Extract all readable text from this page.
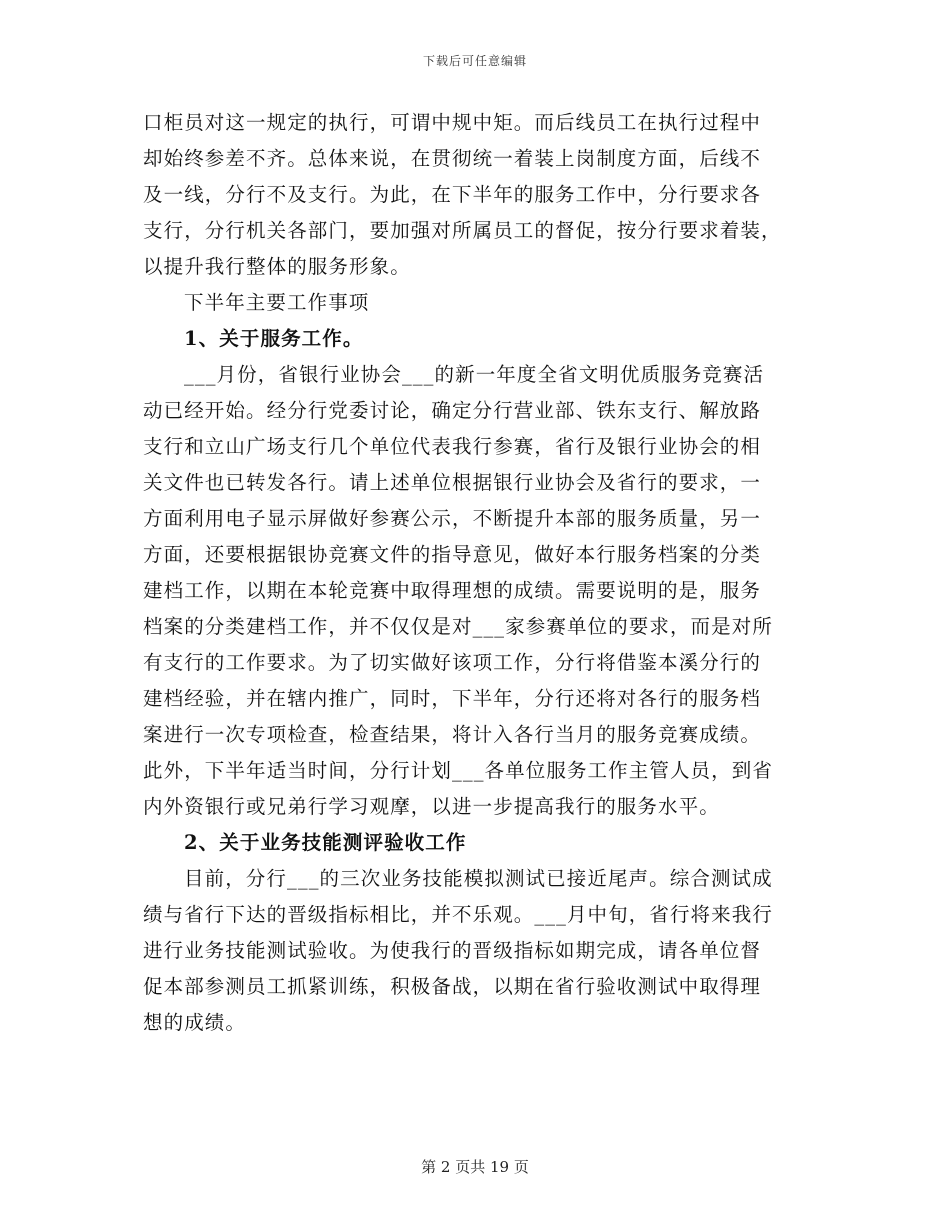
下载后可任意编辑
口柜员对这一规定的执行，可谓中规中矩。而后线员工在执行过程中
却始终参差不齐。总体来说，在贯彻统一着装上岗制度方面，后线不
及一线，分行不及支行。为此，在下半年的服务工作中，分行要求各
支行，分行机关各部门，要加强对所属员工的督促，按分行要求着装，
以提升我行整体的服务形象。
下半年主要工作事项
1、关于服务工作。
___月份，省银行业协会___的新一年度全省文明优质服务竞赛活
动已经开始。经分行党委讨论，确定分行营业部、铁东支行、解放路
支行和立山广场支行几个单位代表我行参赛，省行及银行业协会的相
关文件也已转发各行。请上述单位根据银行业协会及省行的要求，一
方面利用电子显示屏做好参赛公示，不断提升本部的服务质量，另一
方面，还要根据银协竞赛文件的指导意见，做好本行服务档案的分类
建档工作，以期在本轮竞赛中取得理想的成绩。需要说明的是，服务
档案的分类建档工作，并不仅仅是对___家参赛单位的要求，而是对所
有支行的工作要求。为了切实做好该项工作，分行将借鉴本溪分行的
建档经验，并在辖内推广，同时，下半年，分行还将对各行的服务档
案进行一次专项检查，检查结果，将计入各行当月的服务竞赛成绩。
此外，下半年适当时间，分行计划___各单位服务工作主管人员，到省
内外资银行或兄弟行学习观摩，以进一步提高我行的服务水平。
2、关于业务技能测评验收工作
目前，分行___的三次业务技能模拟测试已接近尾声。综合测试成
绩与省行下达的晋级指标相比，并不乐观。___月中旬，省行将来我行
进行业务技能测试验收。为使我行的晋级指标如期完成，请各单位督
促本部参测员工抓紧训练，积极备战，以期在省行验收测试中取得理
想的成绩。
第 2 页共 19 页
